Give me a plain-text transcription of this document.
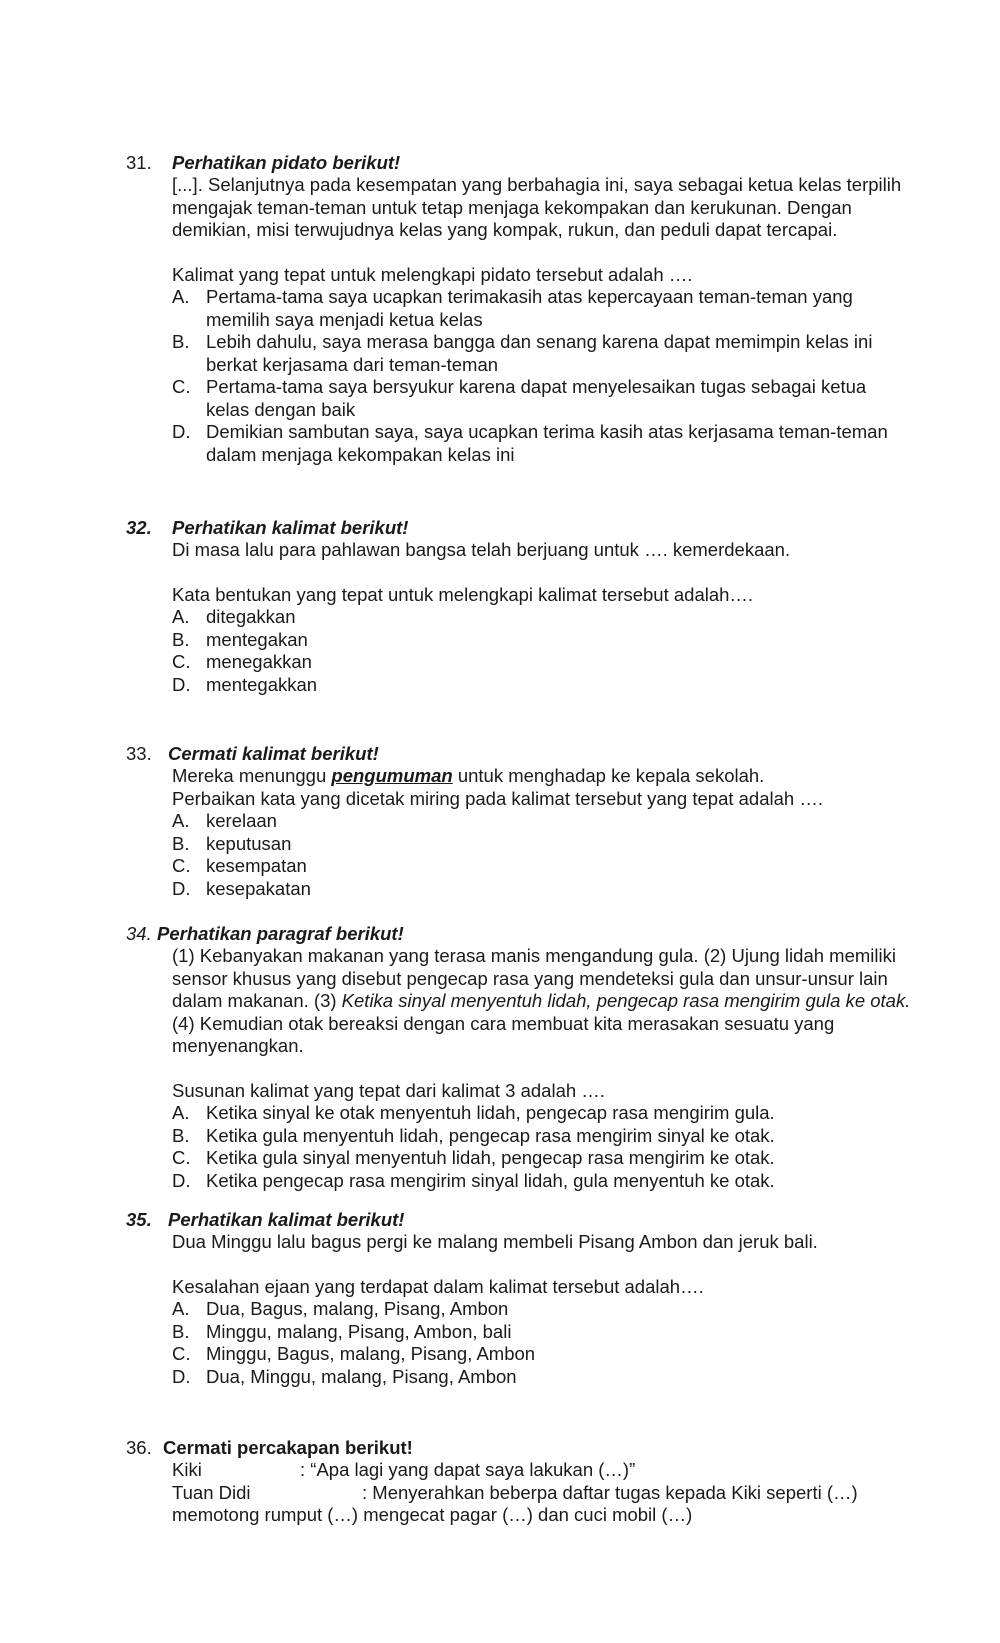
31. Perhatikan pidato berikut!

[...]. Selanjutnya pada kesempatan yang berbahagia ini, saya sebagai ketua kelas terpilih mengajak teman-teman untuk tetap menjaga kekompakan dan kerukunan. Dengan demikian, misi terwujudnya kelas yang kompak, rukun, dan peduli dapat tercapai.

Kalimat yang tepat untuk melengkapi pidato tersebut adalah ….

A. Pertama-tama saya ucapkan terimakasih atas kepercayaan teman-teman yang memilih saya menjadi ketua kelas
B. Lebih dahulu, saya merasa bangga dan senang karena dapat memimpin kelas ini berkat kerjasama dari teman-teman
C. Pertama-tama saya bersyukur karena dapat menyelesaikan tugas sebagai ketua kelas dengan baik
D. Demikian sambutan saya, saya ucapkan terima kasih atas kerjasama teman-teman dalam menjaga kekompakan kelas ini
32. Perhatikan kalimat berikut!

Di masa lalu para pahlawan bangsa telah berjuang untuk …. kemerdekaan.

Kata bentukan yang tepat untuk melengkapi kalimat tersebut adalah….

A. ditegakkan
B. mentegakan
C. menegakkan
D. mentegakkan
33. Cermati kalimat berikut!

Mereka menunggu pengumuman untuk menghadap ke kepala sekolah.

Perbaikan kata yang dicetak miring pada kalimat tersebut yang tepat adalah ….

A. kerelaan
B. keputusan
C. kesempatan
D. kesepakatan
34. Perhatikan paragraf berikut!

(1) Kebanyakan makanan yang terasa manis mengandung gula. (2) Ujung lidah memiliki sensor khusus yang disebut pengecap rasa yang mendeteksi gula dan unsur-unsur lain dalam makanan. (3) Ketika sinyal menyentuh lidah, pengecap rasa mengirim gula ke otak. (4) Kemudian otak bereaksi dengan cara membuat kita merasakan sesuatu yang menyenangkan.

Susunan kalimat yang tepat dari kalimat 3 adalah ….

A. Ketika sinyal ke otak menyentuh lidah, pengecap rasa mengirim gula.
B. Ketika gula menyentuh lidah, pengecap rasa mengirim sinyal ke otak.
C. Ketika gula sinyal menyentuh lidah, pengecap rasa mengirim ke otak.
D. Ketika pengecap rasa mengirim sinyal lidah, gula menyentuh ke otak.
35. Perhatikan kalimat berikut!

Dua Minggu lalu bagus pergi ke malang membeli Pisang Ambon dan jeruk bali.

Kesalahan ejaan yang terdapat dalam kalimat tersebut adalah….

A. Dua, Bagus, malang, Pisang, Ambon
B. Minggu, malang, Pisang, Ambon, bali
C. Minggu, Bagus, malang, Pisang, Ambon
D. Dua, Minggu, malang, Pisang, Ambon
36. Cermati percakapan berikut!
Kiki	: “Apa lagi yang dapat saya lakukan (…)”
Tuan Didi	: Menyerahkan beberpa daftar tugas kepada Kiki seperti (…)

memotong rumput (…) mengecat pagar (…) dan cuci mobil (…)
